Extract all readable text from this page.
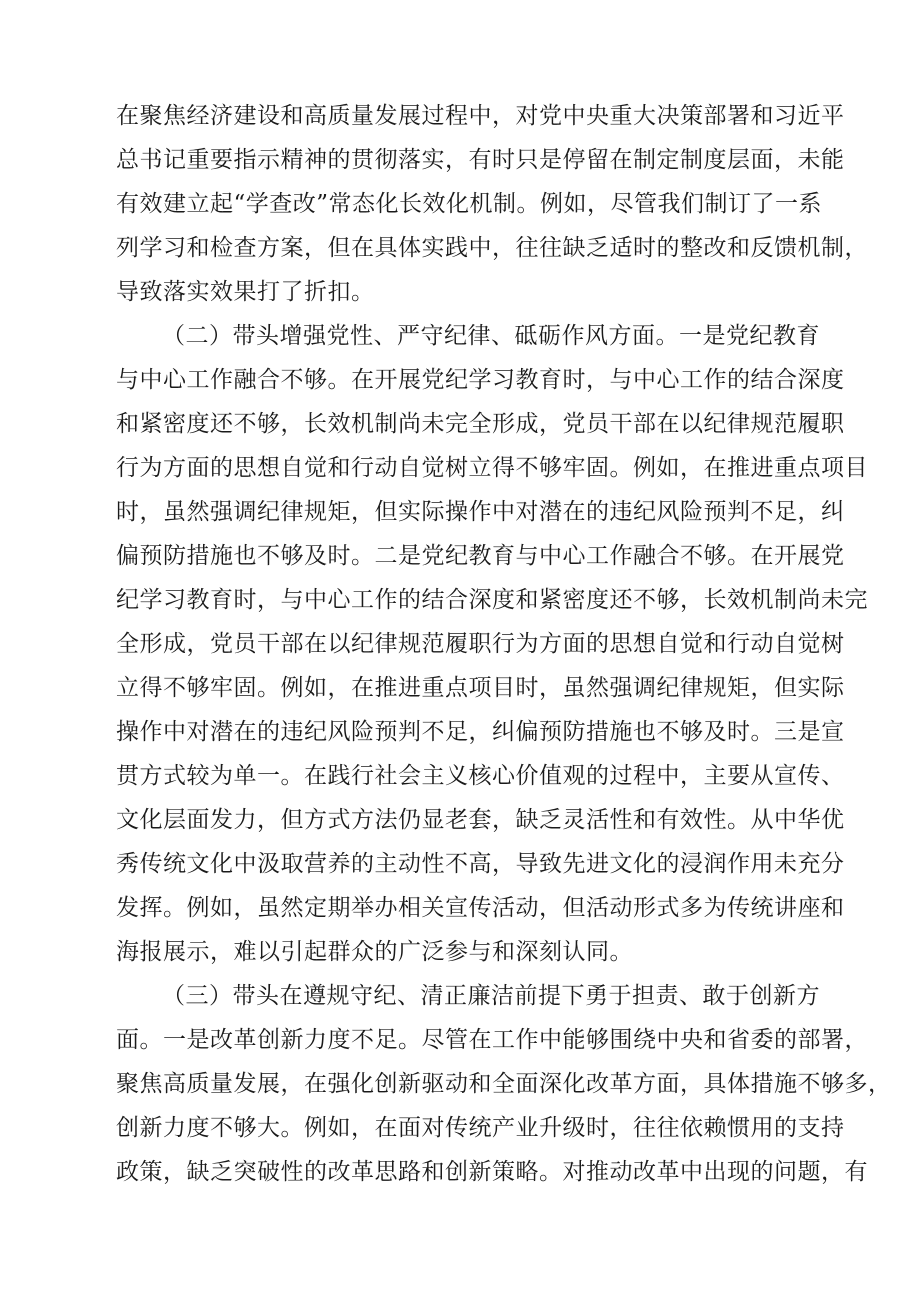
在聚焦经济建设和高质量发展过程中，对党中央重大决策部署和习近平
总书记重要指示精神的贯彻落实，有时只是停留在制定制度层面，未能
有效建立起“学查改”常态化长效化机制。例如，尽管我们制订了一系
列学习和检查方案，但在具体实践中，往往缺乏适时的整改和反馈机制，
导致落实效果打了折扣。
（二）带头增强党性、严守纪律、砥砺作风方面。一是党纪教育
与中心工作融合不够。在开展党纪学习教育时，与中心工作的结合深度
和紧密度还不够，长效机制尚未完全形成，党员干部在以纪律规范履职
行为方面的思想自觉和行动自觉树立得不够牢固。例如，在推进重点项目
时，虽然强调纪律规矩，但实际操作中对潜在的违纪风险预判不足，纠
偏预防措施也不够及时。二是党纪教育与中心工作融合不够。在开展党
纪学习教育时，与中心工作的结合深度和紧密度还不够，长效机制尚未完
全形成，党员干部在以纪律规范履职行为方面的思想自觉和行动自觉树
立得不够牢固。例如，在推进重点项目时，虽然强调纪律规矩，但实际
操作中对潜在的违纪风险预判不足，纠偏预防措施也不够及时。三是宣
贯方式较为单一。在践行社会主义核心价值观的过程中，主要从宣传、
文化层面发力，但方式方法仍显老套，缺乏灵活性和有效性。从中华优
秀传统文化中汲取营养的主动性不高，导致先进文化的浸润作用未充分
发挥。例如，虽然定期举办相关宣传活动，但活动形式多为传统讲座和
海报展示，难以引起群众的广泛参与和深刻认同。
（三）带头在遵规守纪、清正廉洁前提下勇于担责、敢于创新方
面。一是改革创新力度不足。尽管在工作中能够围绕中央和省委的部署，
聚焦高质量发展，在强化创新驱动和全面深化改革方面，具体措施不够多，
创新力度不够大。例如，在面对传统产业升级时，往往依赖惯用的支持
政策，缺乏突破性的改革思路和创新策略。对推动改革中出现的问题，有
